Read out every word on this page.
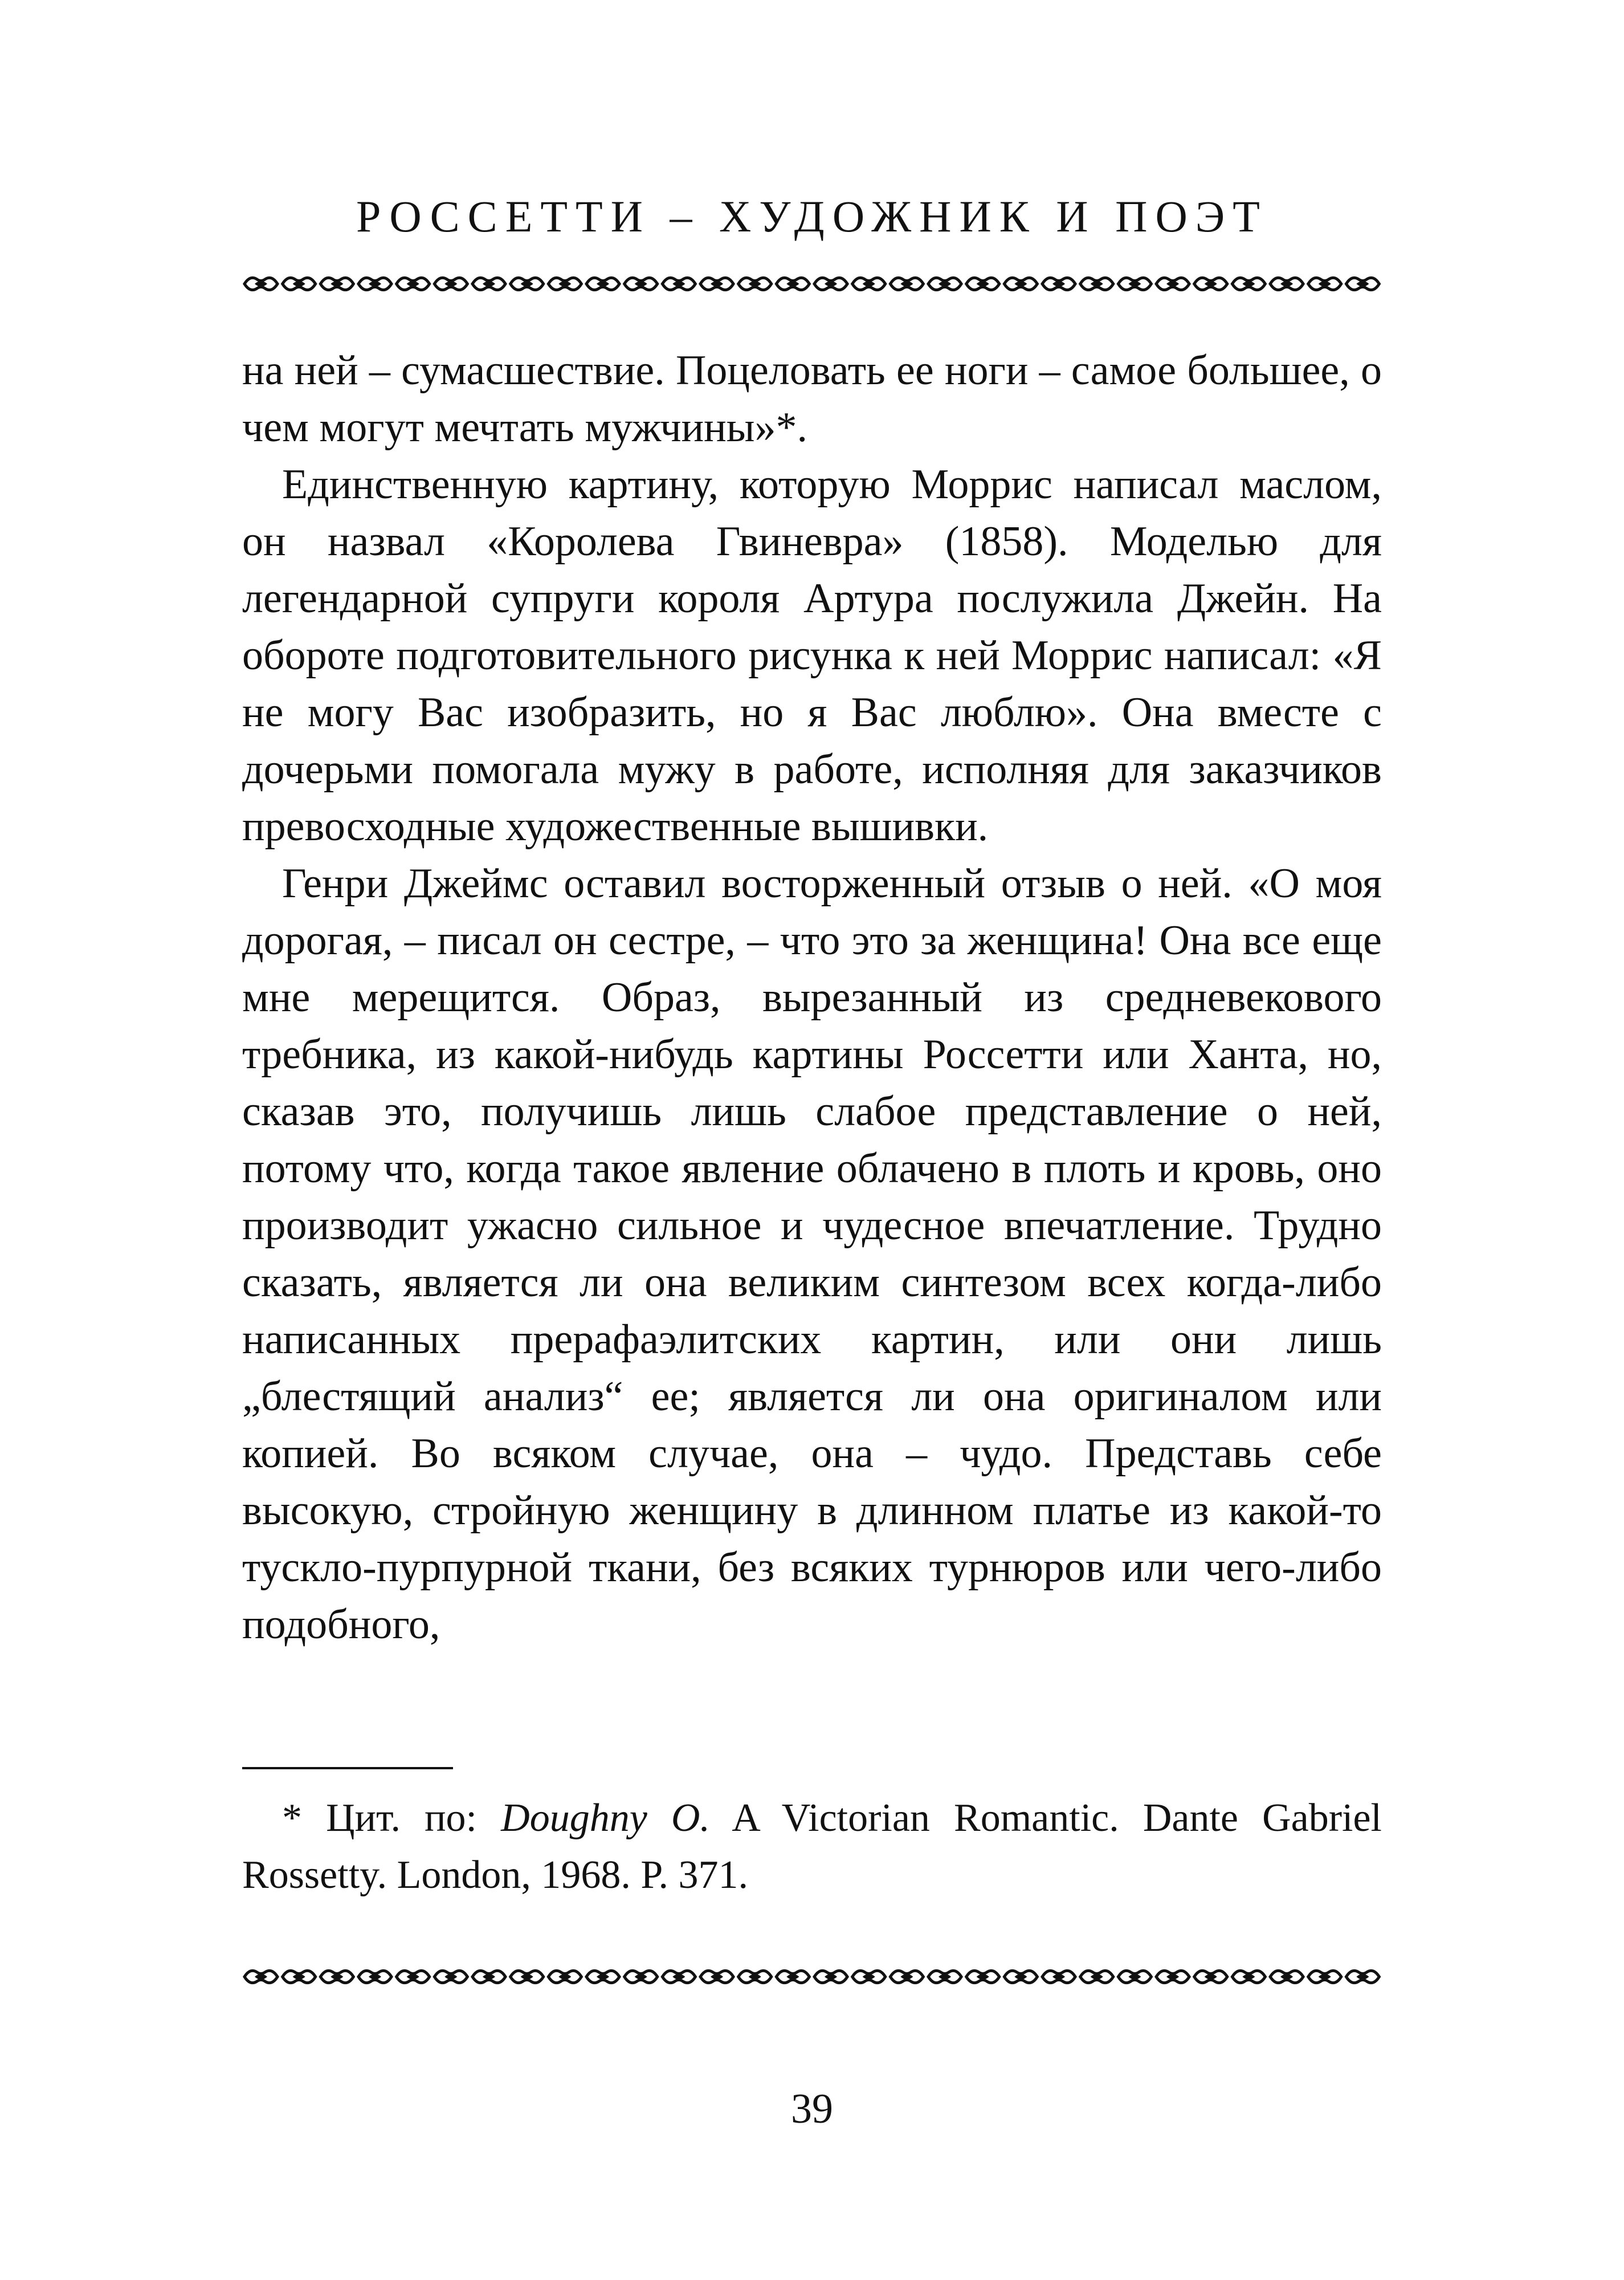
РОССЕТТИ – ХУДОЖНИК И ПОЭТ

на ней – сумасшествие. Поцеловать ее ноги – самое большее, о чем могут мечтать мужчины»*.

Единственную картину, которую Моррис написал маслом, он назвал «Королева Гвиневра» (1858). Моделью для легендарной супруги короля Артура послужила Джейн. На обороте подготовительного рисунка к ней Моррис написал: «Я не могу Вас изобразить, но я Вас люблю». Она вместе с дочерьми помогала мужу в работе, исполняя для заказчиков превосходные художественные вышивки.

Генри Джеймс оставил восторженный отзыв о ней. «О моя дорогая, – писал он сестре, – что это за женщина! Она все еще мне мерещится. Образ, вырезанный из средневекового требника, из какой-нибудь картины Россетти или Ханта, но, сказав это, получишь лишь слабое представление о ней, потому что, когда такое явление облачено в плоть и кровь, оно производит ужасно сильное и чудесное впечатление. Трудно сказать, является ли она великим синтезом всех когда-либо написанных прерафаэлитских картин, или они лишь „блестящий анализ“ ее; является ли она оригиналом или копией. Во всяком случае, она – чудо. Представь себе высокую, стройную женщину в длинном платье из какой-то тускло-пурпурной ткани, без всяких турнюров или чего-либо подобного,

* Цит. по: Doughny O. A Victorian Romantic. Dante Gabriel Rossetty. London, 1968. P. 371.
39
